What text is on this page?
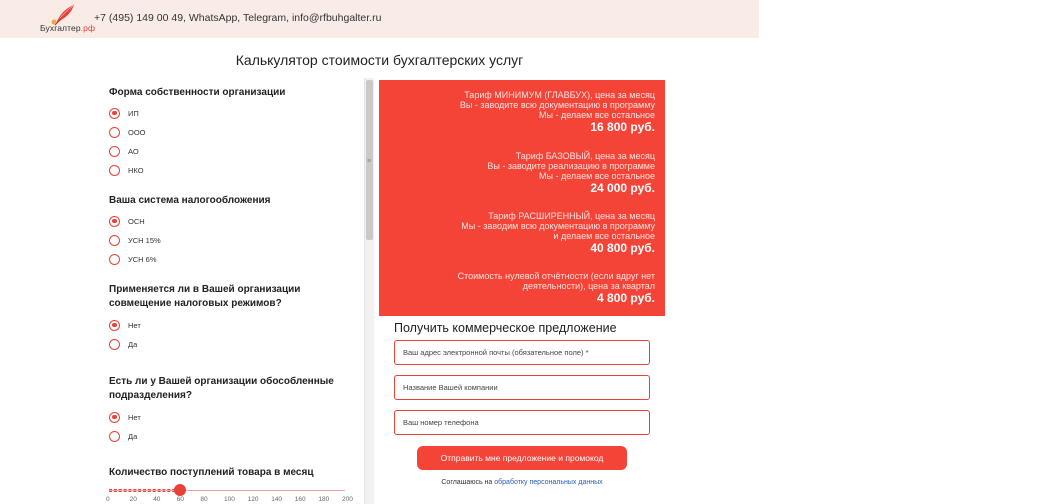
Бухгалтер.рф
+7 (495) 149 00 49, WhatsApp, Telegram, info@rfbuhgalter.ru
Калькулятор стоимости бухгалтерских услуг
Форма собственности организации
ИП
ООО
АО
НКО
Ваша система налогообложения
ОСН
УСН 15%
УСН 6%
Применяется ли в Вашей организации совмещение налоговых режимов?
Нет
Да
Есть ли у Вашей организации обособленные подразделения?
Нет
Да
Количество поступлений товара в месяц
0	20	40	60	80	100 120 140 160 180 200
≡
Тариф МИНИМУМ (ГЛАВБУХ), цена за месяц
Вы - заводите всю документацию в программу
Мы - делаем все остальное
16 800 руб.
Тариф БАЗОВЫЙ, цена за месяц
Вы - заводите реализацию в программе
Мы - делаем все остальное
24 000 руб.
Тариф РАСШИРЕННЫЙ, цена за месяц
Мы - заводим всю документацию в программу
и делаем все остальное
40 800 руб.
Стоимость нулевой отчётности (если вдруг нет
деятельности), цена за квартал
4 800 руб.
Получить коммерческое предложение
Ваш адрес электронной почты (обязательное поле) *
Название Вашей компании
Ваш номер телефона
Отправить мне предложение и промокод
Соглашаюсь на обработку персональных данных
